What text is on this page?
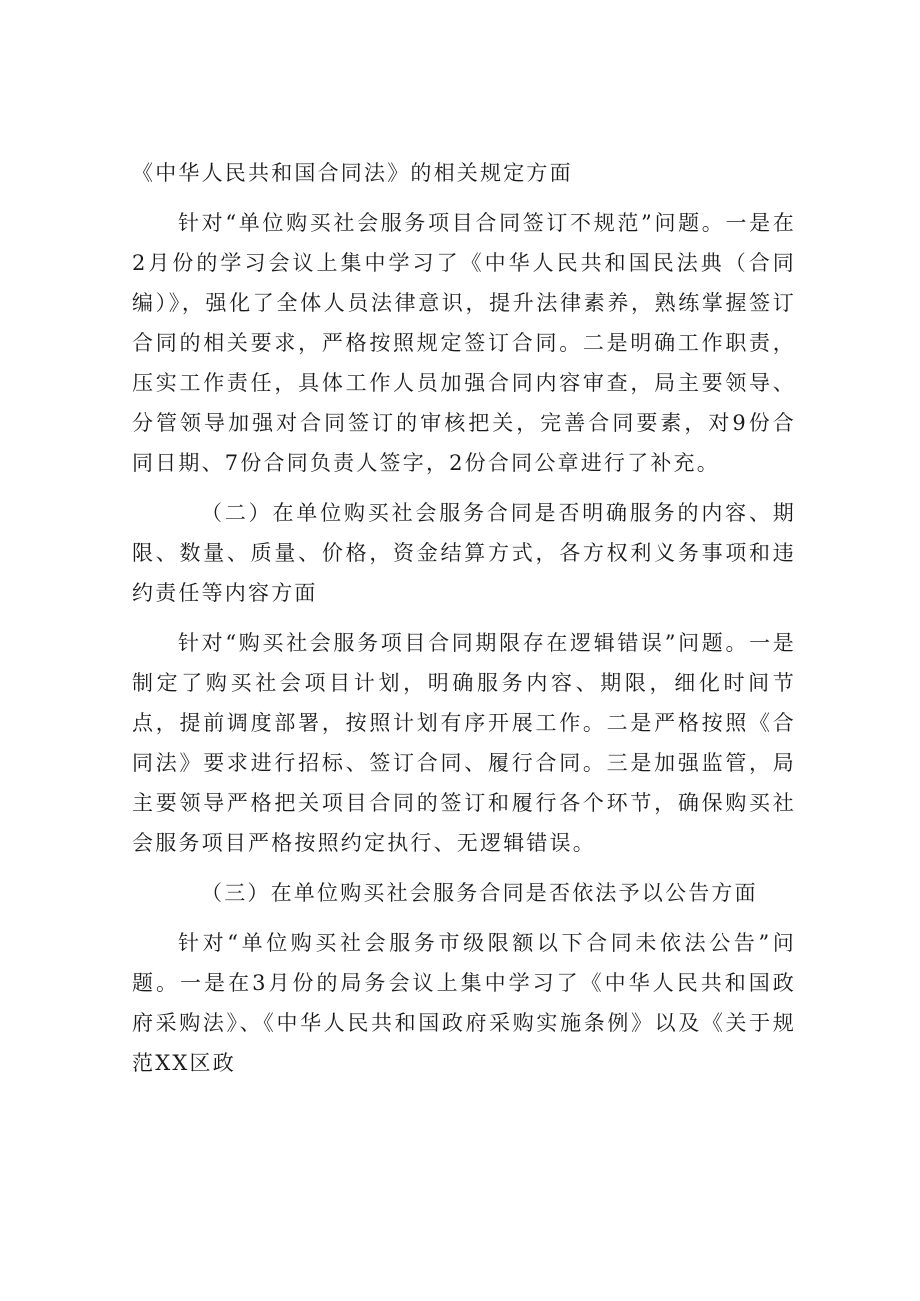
《中华人民共和国合同法》的相关规定方面

针对“单位购买社会服务项目合同签订不规范”问题。一是在2月份的学习会议上集中学习了《中华人民共和国民法典（合同编）》，强化了全体人员法律意识，提升法律素养，熟练掌握签订合同的相关要求，严格按照规定签订合同。二是明确工作职责，压实工作责任，具体工作人员加强合同内容审查，局主要领导、分管领导加强对合同签订的审核把关，完善合同要素，对9份合同日期、7份合同负责人签字，2份合同公章进行了补充。

（二）在单位购买社会服务合同是否明确服务的内容、期限、数量、质量、价格，资金结算方式，各方权利义务事项和违约责任等内容方面

针对“购买社会服务项目合同期限存在逻辑错误”问题。一是制定了购买社会项目计划，明确服务内容、期限，细化时间节点，提前调度部署，按照计划有序开展工作。二是严格按照《合同法》要求进行招标、签订合同、履行合同。三是加强监管，局主要领导严格把关项目合同的签订和履行各个环节，确保购买社会服务项目严格按照约定执行、无逻辑错误。

（三）在单位购买社会服务合同是否依法予以公告方面

针对“单位购买社会服务市级限额以下合同未依法公告”问题。一是在3月份的局务会议上集中学习了《中华人民共和国政府采购法》、《中华人民共和国政府采购实施条例》以及《关于规范XX区政
